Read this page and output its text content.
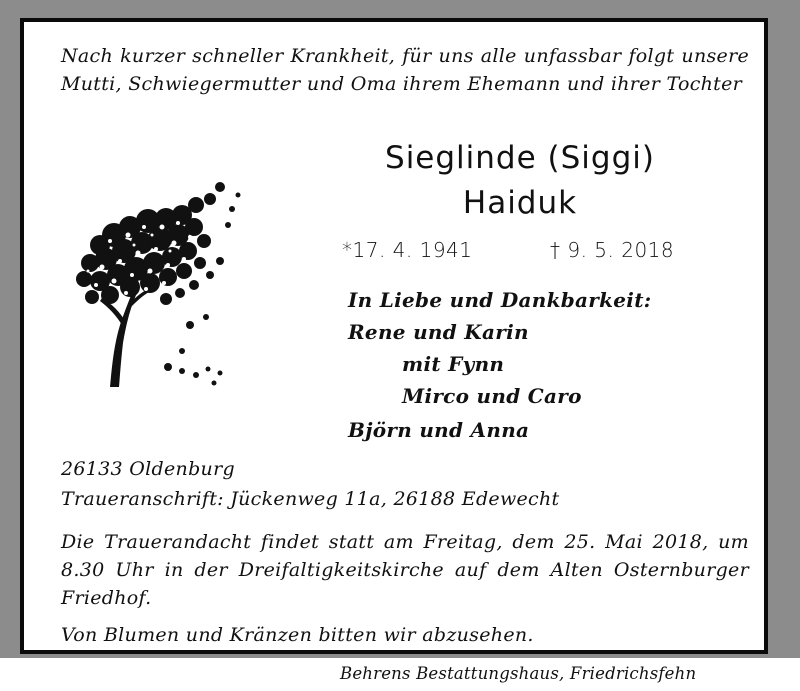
Nach kurzer schneller Krankheit, für uns alle unfassbar folgt unsere Mutti, Schwiegermutter und Oma ihrem Ehemann und ihrer Tochter
Sieglinde (Siggi)
Haiduk
*17. 4. 1941	† 9. 5. 2018
In Liebe und Dankbarkeit:
Rene und Karin
mit Fynn
Mirco und Caro
Björn und Anna
26133 Oldenburg
Traueranschrift: Jückenweg 11a, 26188 Edewecht
Die Trauerandacht findet statt am Freitag, dem 25. Mai 2018, um 8.30 Uhr in der Dreifaltigkeitskirche auf dem Alten Osternburger Friedhof.
Von Blumen und Kränzen bitten wir abzusehen.
Behrens Bestattungshaus, Friedrichsfehn
